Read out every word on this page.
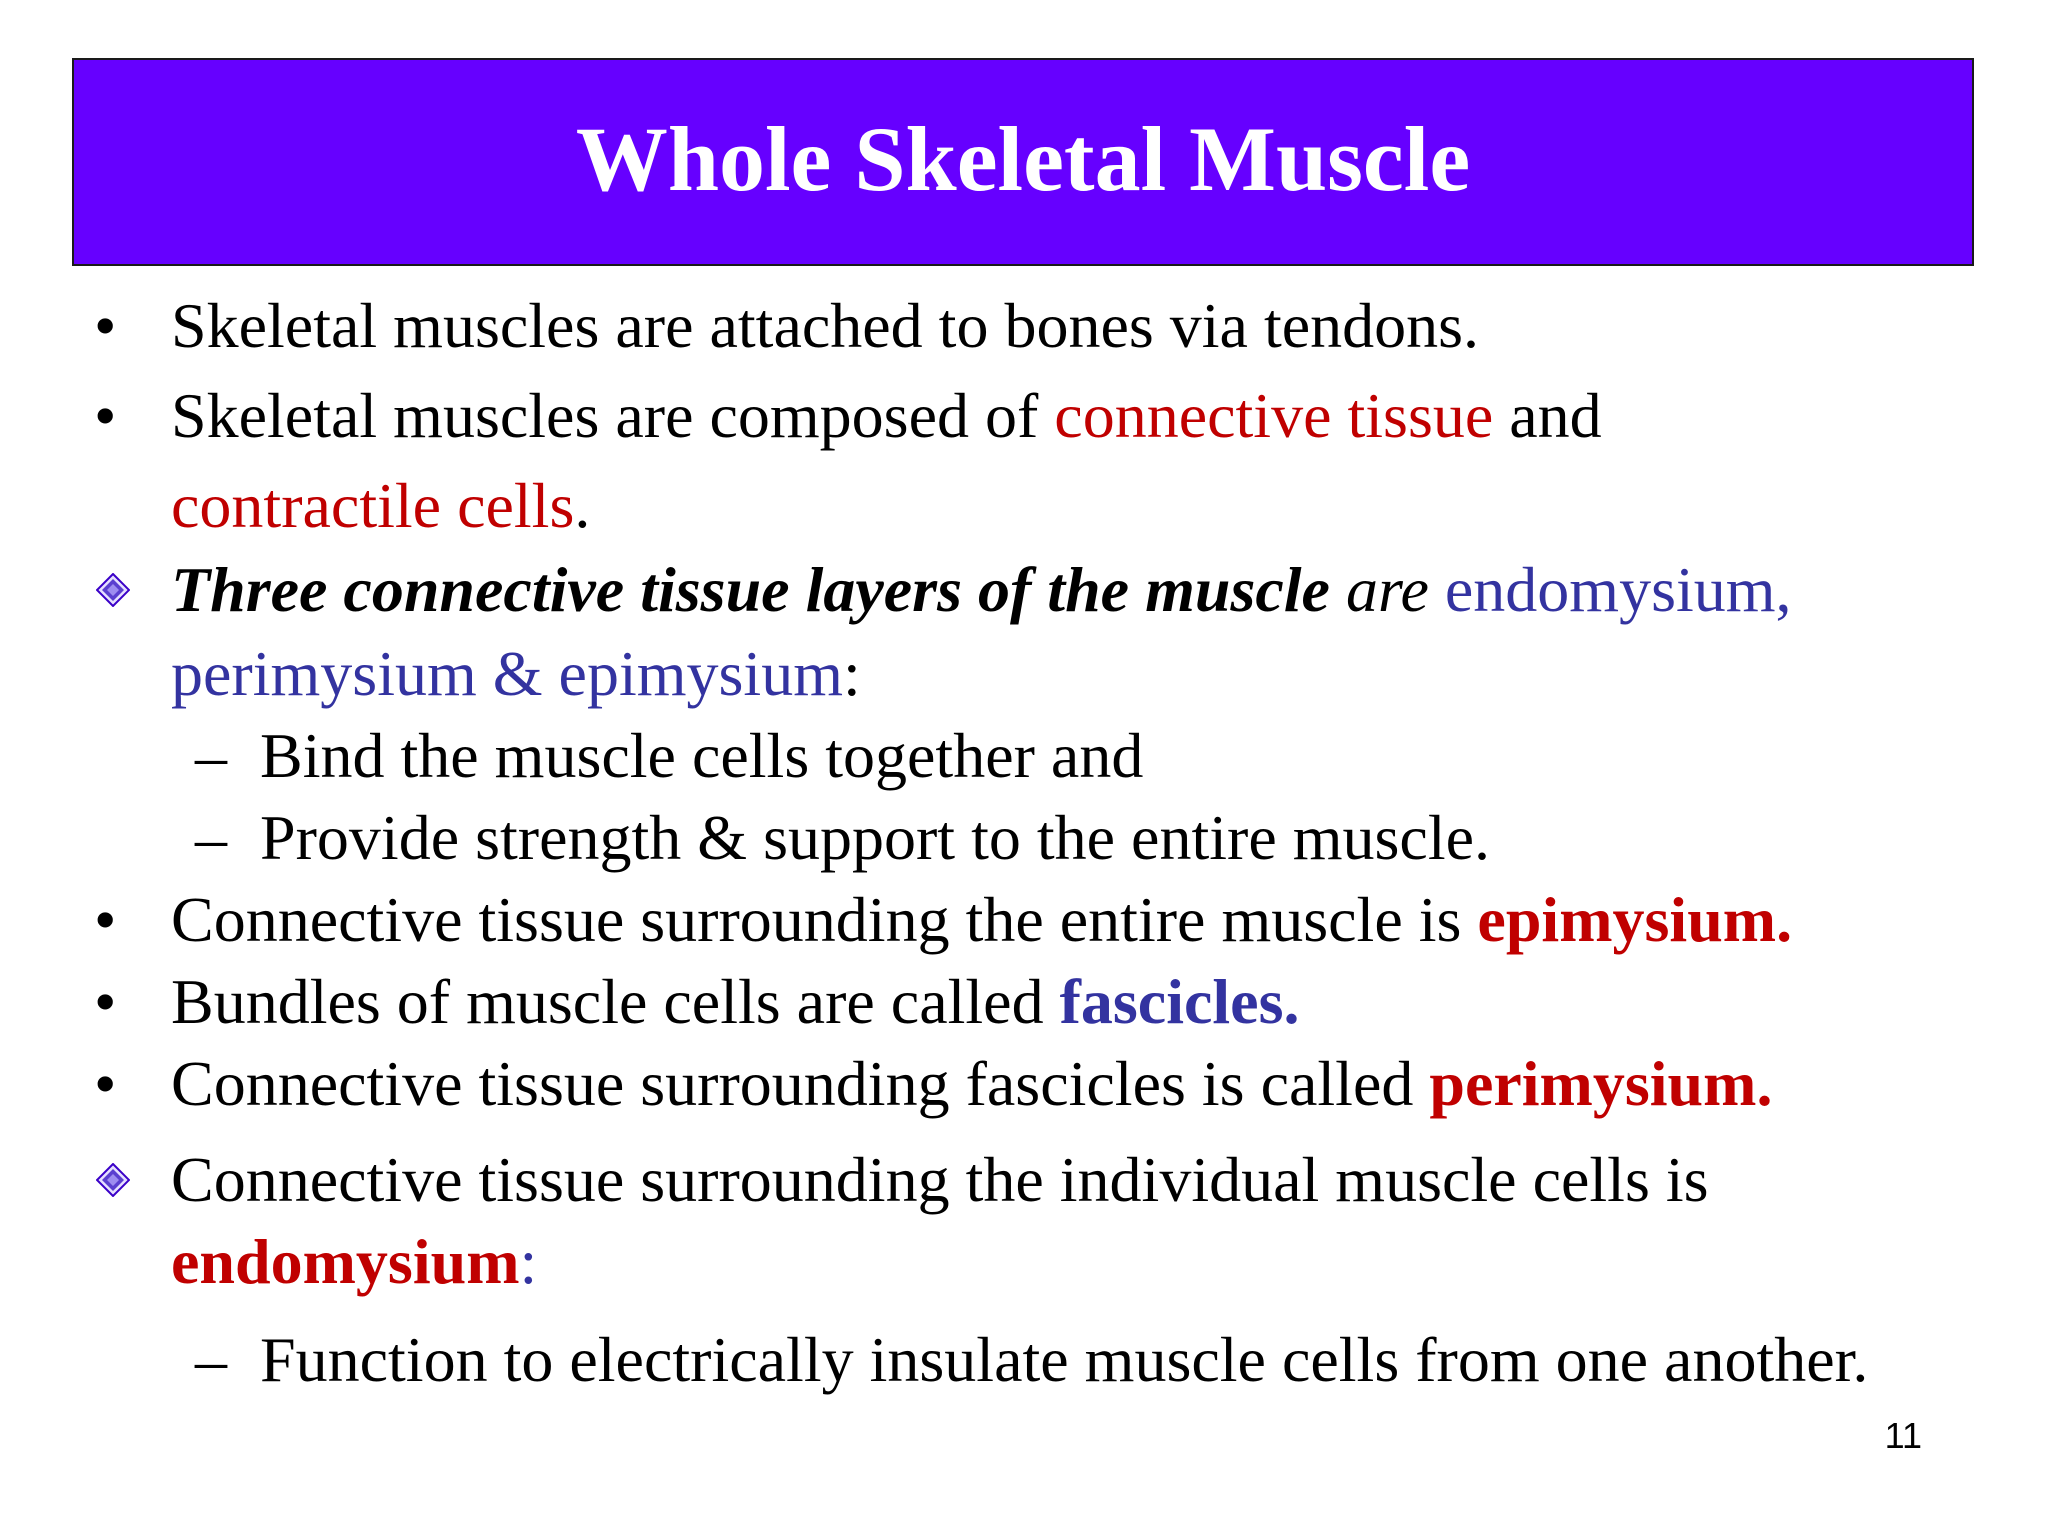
Whole Skeletal Muscle
• Skeletal muscles are attached to bones via tendons.
• Skeletal muscles are composed of connective tissue and
contractile cells.
Three connective tissue layers of the muscle are endomysium,
perimysium & epimysium:
– Bind the muscle cells together and
– Provide strength & support to the entire muscle.
• Connective tissue surrounding the entire muscle is epimysium.
• Bundles of muscle cells are called fascicles.
• Connective tissue surrounding fascicles is called perimysium.
Connective tissue surrounding the individual muscle cells is
endomysium:
– Function to electrically insulate muscle cells from one another.
11
